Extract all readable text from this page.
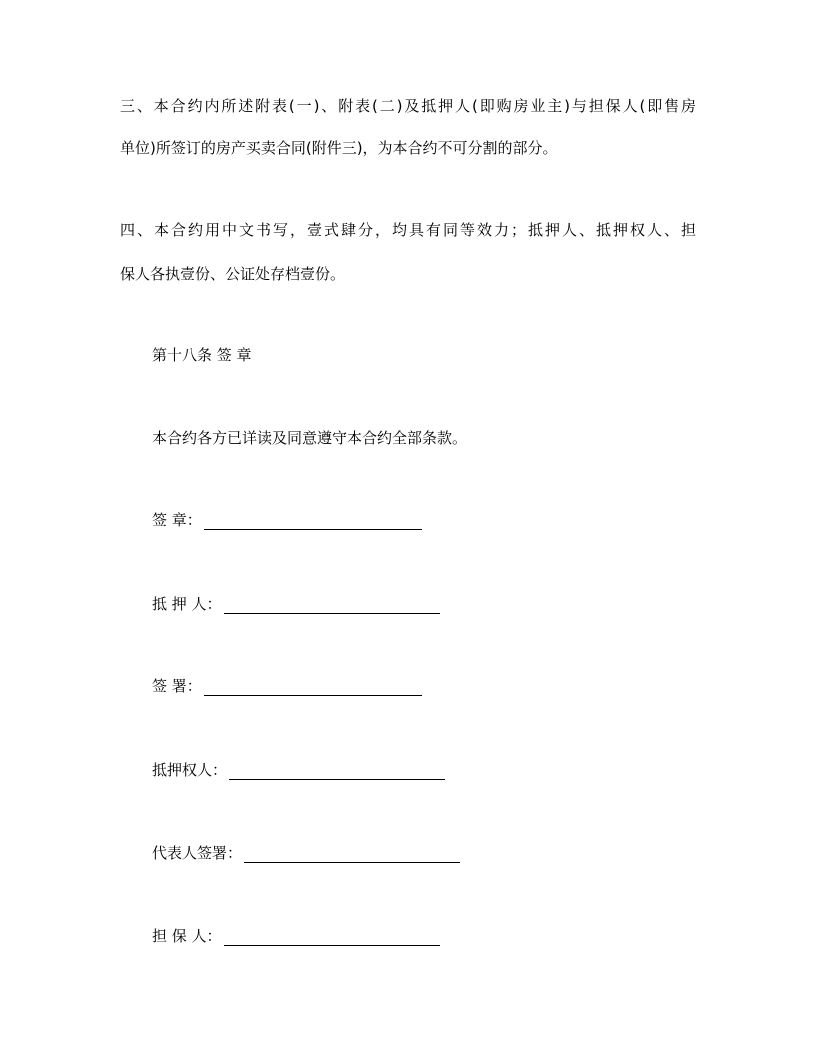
三、本合约内所述附表(一)、附表(二)及抵押人(即购房业主)与担保人(即售房
单位)所签订的房产买卖合同(附件三)，为本合约不可分割的部分。
四、本合约用中文书写，壹式肆分，均具有同等效力；抵押人、抵押权人、担
保人各执壹份、公证处存档壹份。
第十八条 签 章
本合约各方已详读及同意遵守本合约全部条款。
签 章：
抵 押 人：
签 署：
抵押权人：
代表人签署：
担 保 人：
